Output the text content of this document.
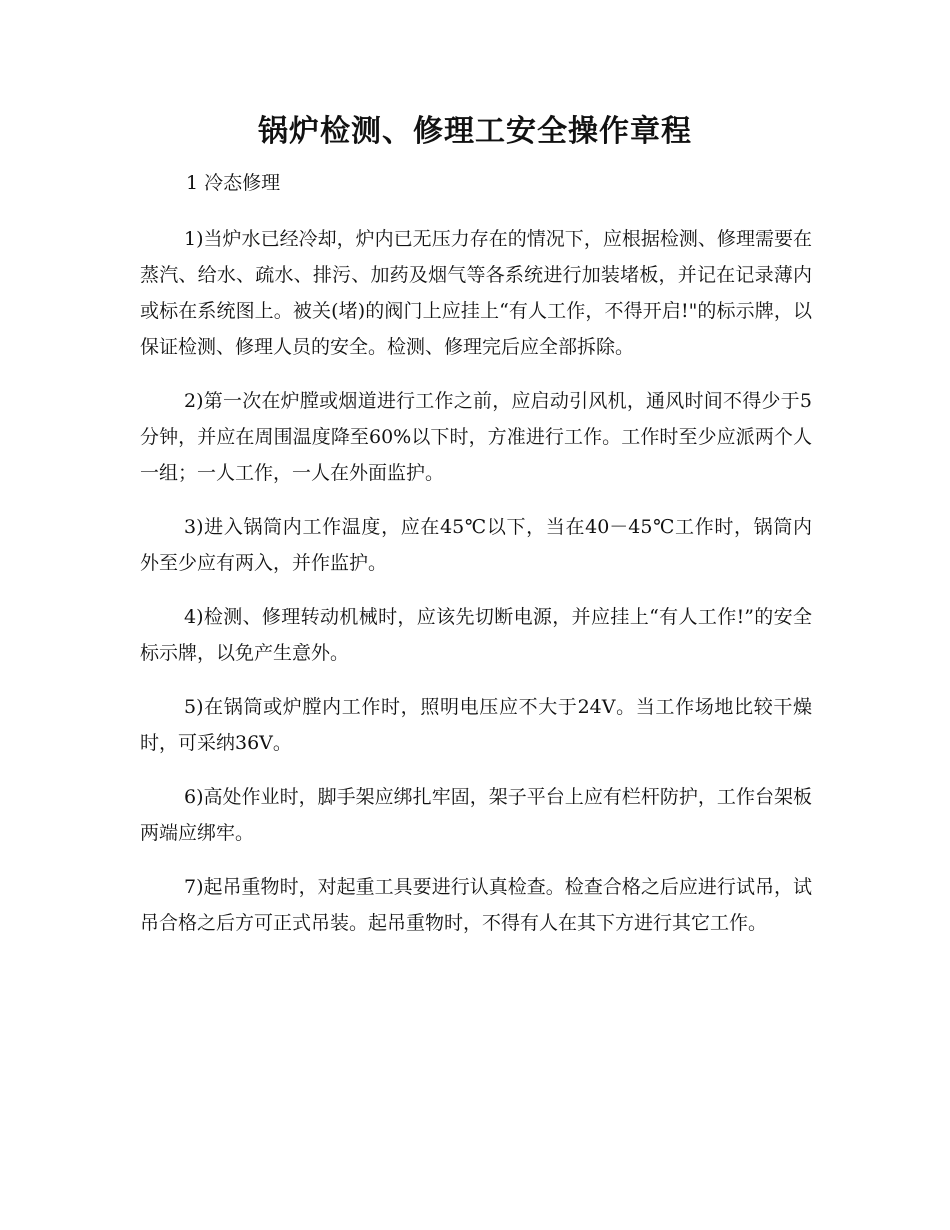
锅炉检测、修理工安全操作章程
1 冷态修理

1)当炉水已经冷却，炉内已无压力存在的情况下，应根据检测、修理需要在蒸汽、给水、疏水、排污、加药及烟气等各系统进行加装堵板，并记在记录薄内或标在系统图上。被关(堵)的阀门上应挂上“有人工作，不得开启!"的标示牌，以保证检测、修理人员的安全。检测、修理完后应全部拆除。

2)第一次在炉膛或烟道进行工作之前，应启动引风机，通风时间不得少于5分钟，并应在周围温度降至60%以下时，方准进行工作。工作时至少应派两个人一组；一人工作，一人在外面监护。

3)进入锅筒内工作温度，应在45℃以下，当在40－45℃工作时，锅筒内外至少应有两入，并作监护。

4)检测、修理转动机械时，应该先切断电源，并应挂上“有人工作!”的安全标示牌，以免产生意外。

5)在锅筒或炉膛内工作时，照明电压应不大于24V。当工作场地比较干燥时，可采纳36V。

6)高处作业时，脚手架应绑扎牢固，架子平台上应有栏杆防护，工作台架板两端应绑牢。

7)起吊重物时，对起重工具要进行认真检查。检查合格之后应进行试吊，试吊合格之后方可正式吊装。起吊重物时，不得有人在其下方进行其它工作。
